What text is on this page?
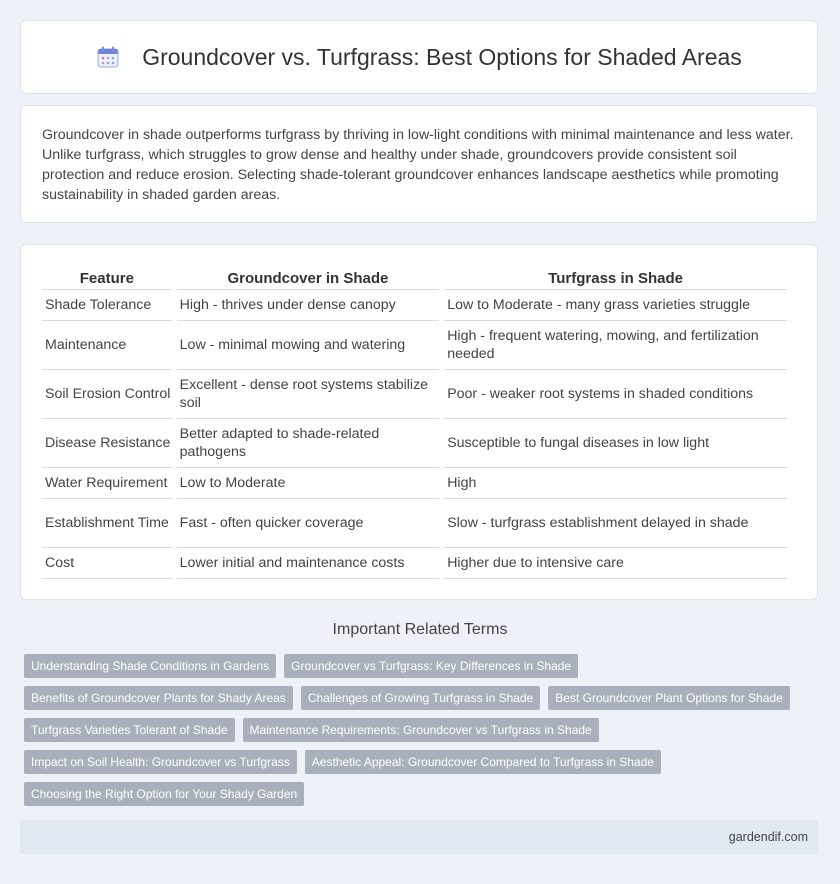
Groundcover vs. Turfgrass: Best Options for Shaded Areas
Groundcover in shade outperforms turfgrass by thriving in low-light conditions with minimal maintenance and less water. Unlike turfgrass, which struggles to grow dense and healthy under shade, groundcovers provide consistent soil protection and reduce erosion. Selecting shade-tolerant groundcover enhances landscape aesthetics while promoting sustainability in shaded garden areas.
Feature	Groundcover in Shade	Turfgrass in Shade
Shade Tolerance	High - thrives under dense canopy	Low to Moderate - many grass varieties struggle
Maintenance	Low - minimal mowing and watering	High - frequent watering, mowing, and fertilization needed
Soil Erosion Control	Excellent - dense root systems stabilize soil	Poor - weaker root systems in shaded conditions
Disease Resistance	Better adapted to shade-related pathogens	Susceptible to fungal diseases in low light
Water Requirement	Low to Moderate	High
Establishment Time	Fast - often quicker coverage	Slow - turfgrass establishment delayed in shade
Cost	Lower initial and maintenance costs	Higher due to intensive care
Important Related Terms
Understanding Shade Conditions in Gardens	Groundcover vs Turfgrass: Key Differences in Shade
Benefits of Groundcover Plants for Shady Areas	Challenges of Growing Turfgrass in Shade	Best Groundcover Plant Options for Shade
Turfgrass Varieties Tolerant of Shade	Maintenance Requirements: Groundcover vs Turfgrass in Shade
Impact on Soil Health: Groundcover vs Turfgrass	Aesthetic Appeal: Groundcover Compared to Turfgrass in Shade
Choosing the Right Option for Your Shady Garden
gardendif.com
